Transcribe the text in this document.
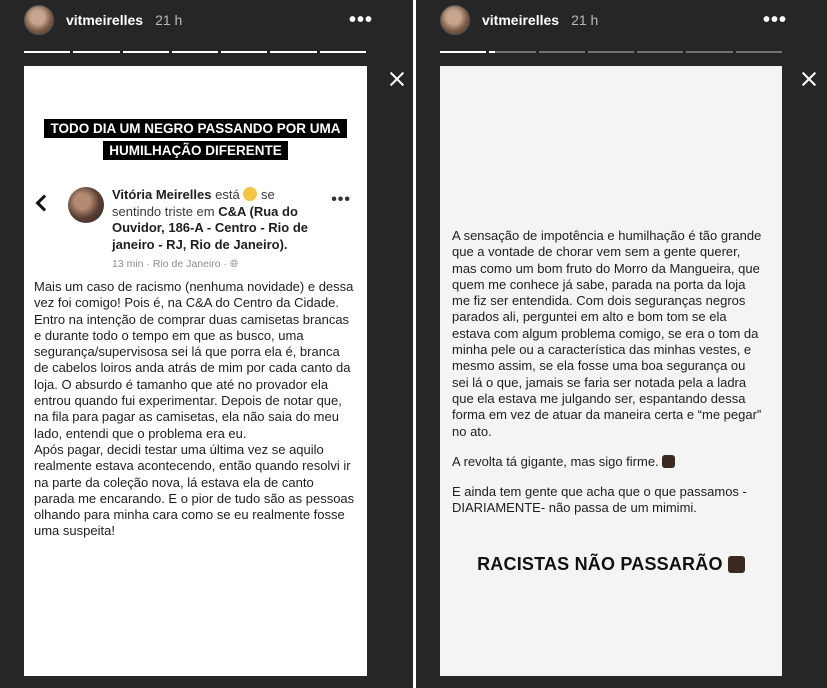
vitmeirelles 21 h	•••
TODO DIA UM NEGRO PASSANDO POR UMA
HUMILHAÇÃO DIFERENTE
Vitória Meirelles está se sentindo triste em C&A (Rua do Ouvidor, 186-A - Centro - Rio de janeiro - RJ, Rio de Janeiro).
13 min · Rio de Janeiro · 🌐︎
•••
Mais um caso de racismo (nenhuma novidade) e dessa vez foi comigo! Pois é, na C&A do Centro da Cidade.
Entro na intenção de comprar duas camisetas brancas e durante todo o tempo em que as busco, uma segurança/supervisosa sei lá que porra ela é, branca de cabelos loiros anda atrás de mim por cada canto da loja. O absurdo é tamanho que até no provador ela entrou quando fui experimentar. Depois de notar que, na fila para pagar as camisetas, ela não saia do meu lado, entendi que o problema era eu.
Após pagar, decidi testar uma última vez se aquilo realmente estava acontecendo, então quando resolvi ir na parte da coleção nova, lá estava ela de canto parada me encarando. E o pior de tudo são as pessoas olhando para minha cara como se eu realmente fosse uma suspeita!
vitmeirelles 21 h	•••

A sensação de impotência e humilhação é tão grande que a vontade de chorar vem sem a gente querer, mas como um bom fruto do Morro da Mangueira, que quem me conhece já sabe, parada na porta da loja me fiz ser entendida. Com dois seguranças negros parados ali, perguntei em alto e bom tom se ela estava com algum problema comigo, se era o tom da minha pele ou a característica das minhas vestes, e mesmo assim, se ela fosse uma boa segurança ou sei lá o que, jamais se faria ser notada pela a ladra que ela estava me julgando ser, espantando dessa forma em vez de atuar da maneira certa e “me pegar” no ato.

A revolta tá gigante, mas sigo firme.

E ainda tem gente que acha que o que passamos - DIARIAMENTE- não passa de um mimimi.

RACISTAS NÃO PASSARÃO
